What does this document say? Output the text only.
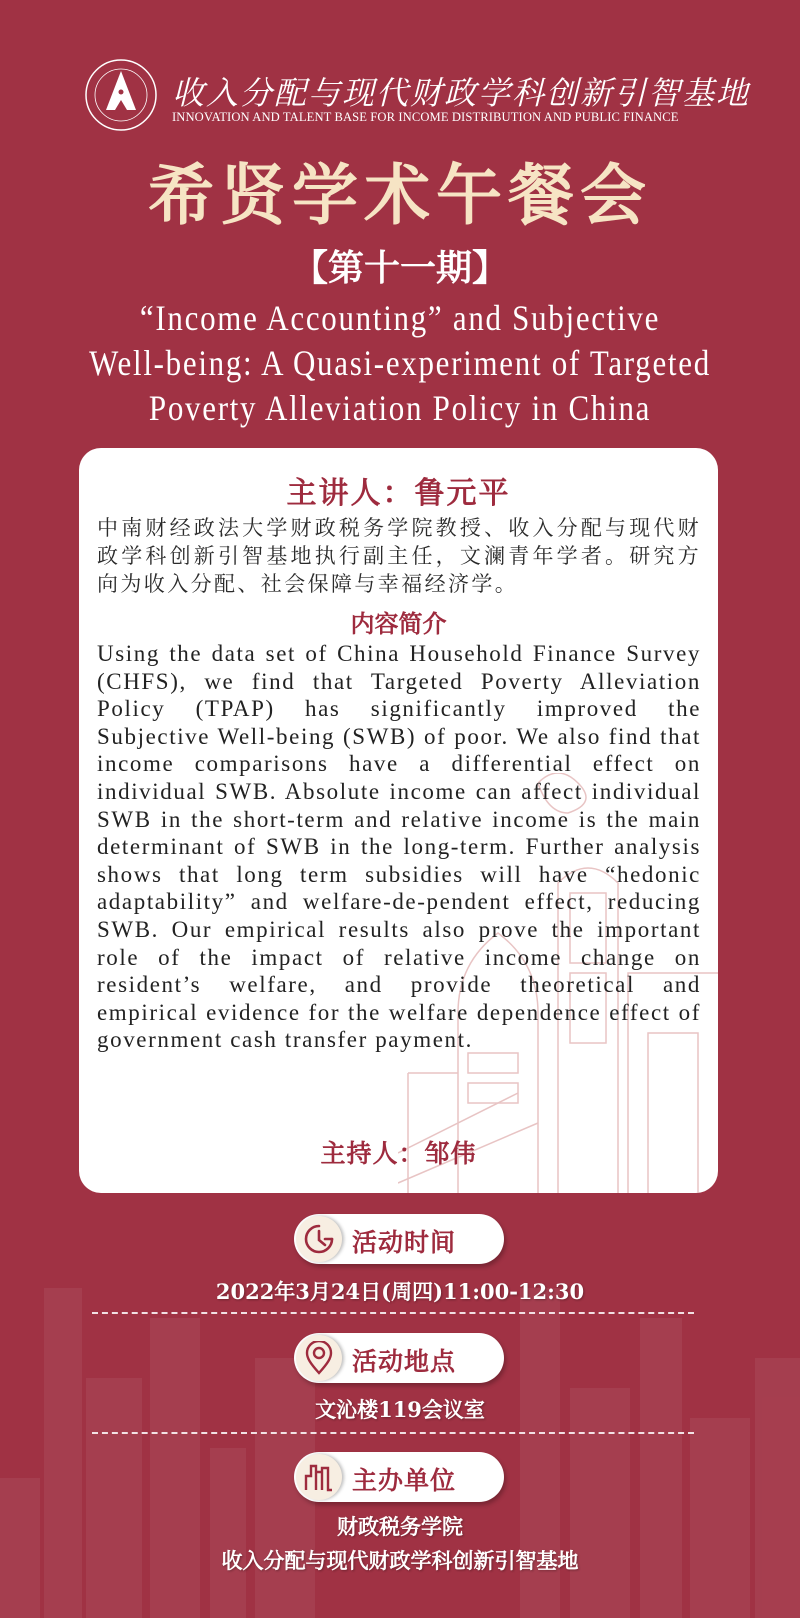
收入分配与现代财政学科创新引智基地
INNOVATION AND TALENT BASE FOR INCOME DISTRIBUTION AND PUBLIC FINANCE
希贤学术午餐会
【第十一期】
“Income Accounting” and Subjective
Well-being: A Quasi-experiment of Targeted
Poverty Alleviation Policy in China
主讲人：鲁元平
中南财经政法大学财政税务学院教授、收入分配与现代财政学科创新引智基地执行副主任，文澜青年学者。研究方向为收入分配、社会保障与幸福经济学。
内容简介
Using the data set of China Household Finance Survey (CHFS), we find that Targeted Poverty Alleviation Policy (TPAP) has significantly improved the Subjective Well-being (SWB) of poor. We also find that income comparisons have a differential effect on individual SWB. Absolute income can affect individual SWB in the short-term and relative income is the main determinant of SWB in the long-term. Further analysis shows that long term subsidies will have “hedonic adaptability” and welfare-de-pendent effect, reducing SWB. Our empirical results also prove the important role of the impact of relative income change on resident’s welfare, and provide theoretical and empirical evidence for the welfare dependence effect of government cash transfer payment.
主持人：邹伟
活动时间
2022年3月24日(周四)11:00-12:30
活动地点
文沁楼119会议室
主办单位
财政税务学院
收入分配与现代财政学科创新引智基地
